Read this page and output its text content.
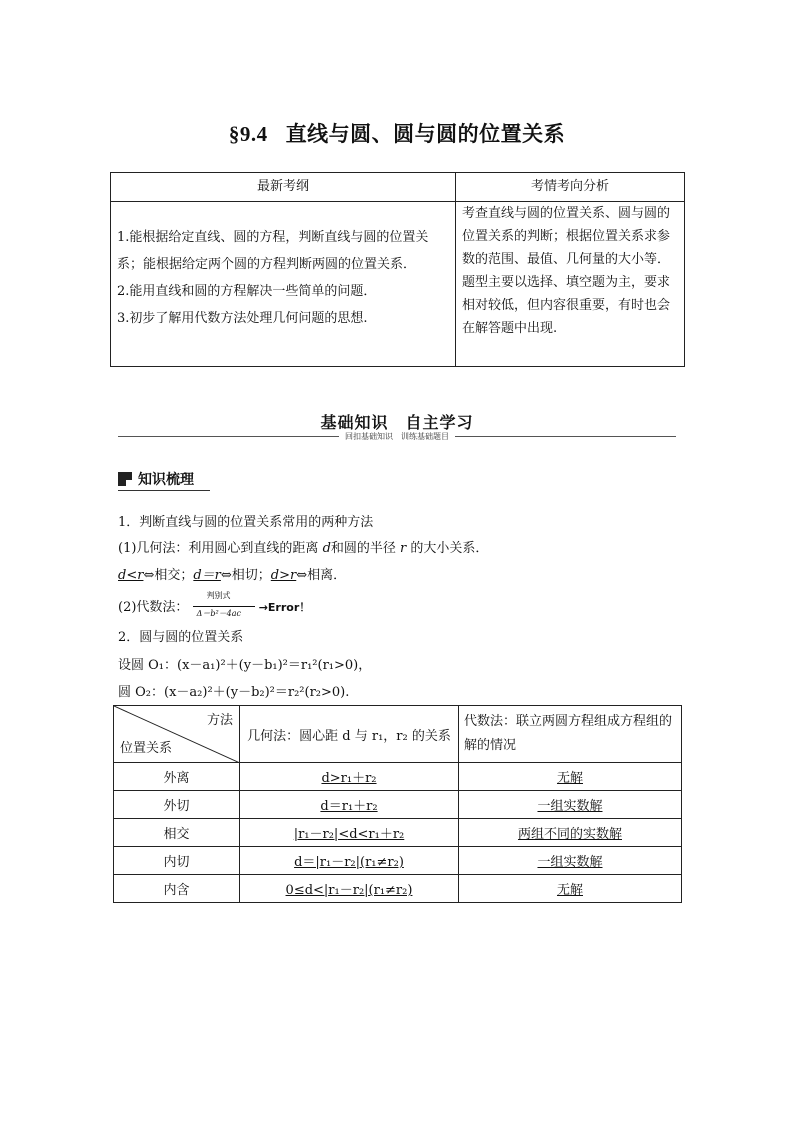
§9.4 直线与圆、圆与圆的位置关系
最新考纲	考情考向分析

1.能根据给定直线、圆的方程，判断直线与圆的位置关系；能根据给定两个圆的方程判断两圆的位置关系．
2.能用直线和圆的方程解决一些简单的问题．
3.初步了解用代数方法处理几何问题的思想.	考查直线与圆的位置关系、圆与圆的位置关系的判断；根据位置关系求参数的范围、最值、几何量的大小等．题型主要以选择、填空题为主，要求相对较低，但内容很重要，有时也会在解答题中出现.
基础知识　自主学习
回扣基础知识　训练基础题目
知识梳理
1．判断直线与圆的位置关系常用的两种方法
(1)几何法：利用圆心到直线的距离 d和圆的半径 r 的大小关系．
d<r⇔相交；d＝r⇔相切；d>r⇔相离．
(2)代数法：
判别式
Δ＝b²－4ac →Error！
2．圆与圆的位置关系
设圆 O₁：(x－a₁)²＋(y－b₁)²＝r₁²(r₁>0)，
圆 O₂：(x－a₂)²＋(y－b₂)²＝r₂²(r₂>0).
方法
位置关系	几何法：圆心距 d 与 r₁，r₂ 的关系	代数法：联立两圆方程组成方程组的解的情况
外离	d>r₁＋r₂	无解
外切	d＝r₁＋r₂	一组实数解
相交	|r₁－r₂|<d<r₁＋r₂	两组不同的实数解
内切	d＝|r₁－r₂|(r₁≠r₂)	一组实数解
内含	0≤d<|r₁－r₂|(r₁≠r₂)	无解
